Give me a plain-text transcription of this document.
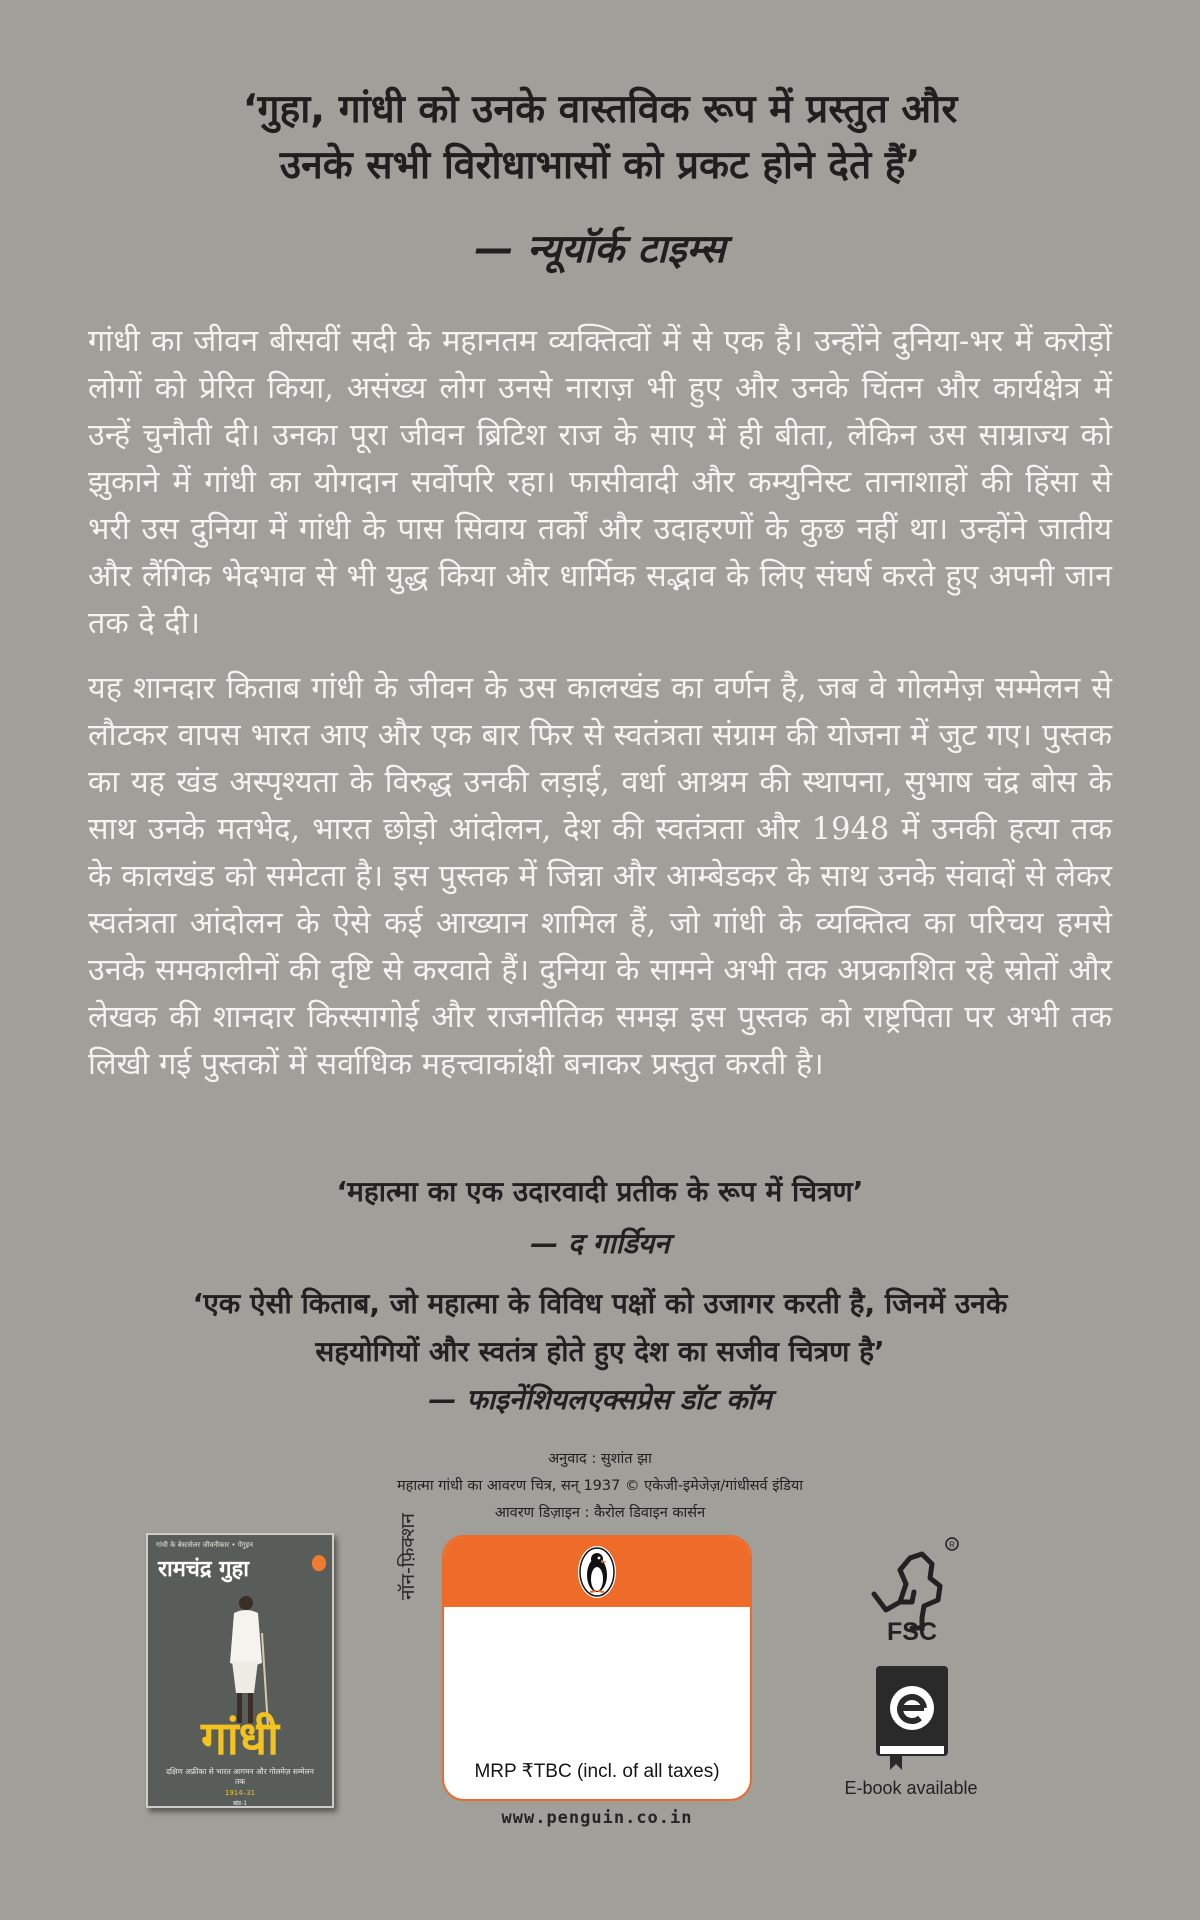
‘गुहा, गांधी को उनके वास्तविक रूप में प्रस्तुत और
उनके सभी विरोधाभासों को प्रकट होने देते हैं’
— न्यूयॉर्क टाइम्स

गांधी का जीवन बीसवीं सदी के महानतम व्यक्तित्वों में से एक है। उन्होंने दुनिया-भर में करोड़ों लोगों को प्रेरित किया, असंख्य लोग उनसे नाराज़ भी हुए और उनके चिंतन और कार्यक्षेत्र में उन्हें चुनौती दी। उनका पूरा जीवन ब्रिटिश राज के साए में ही बीता, लेकिन उस साम्राज्य को झुकाने में गांधी का योगदान सर्वोपरि रहा। फासीवादी और कम्युनिस्ट तानाशाहों की हिंसा से भरी उस दुनिया में गांधी के पास सिवाय तर्कों और उदाहरणों के कुछ नहीं था। उन्होंने जातीय और लैंगिक भेदभाव से भी युद्ध किया और धार्मिक सद्भाव के लिए संघर्ष करते हुए अपनी जान तक दे दी।

यह शानदार किताब गांधी के जीवन के उस कालखंड का वर्णन है, जब वे गोलमेज़ सम्मेलन से लौटकर वापस भारत आए और एक बार फिर से स्वतंत्रता संग्राम की योजना में जुट गए। पुस्तक का यह खंड अस्पृश्यता के विरुद्ध उनकी लड़ाई, वर्धा आश्रम की स्थापना, सुभाष चंद्र बोस के साथ उनके मतभेद, भारत छोड़ो आंदोलन, देश की स्वतंत्रता और 1948 में उनकी हत्या तक के कालखंड को समेटता है। इस पुस्तक में जिन्ना और आम्बेडकर के साथ उनके संवादों से लेकर स्वतंत्रता आंदोलन के ऐसे कई आख्यान शामिल हैं, जो गांधी के व्यक्तित्व का परिचय हमसे उनके समकालीनों की दृष्टि से करवाते हैं। दुनिया के सामने अभी तक अप्रकाशित रहे स्रोतों और लेखक की शानदार किस्सागोई और राजनीतिक समझ इस पुस्तक को राष्ट्रपिता पर अभी तक लिखी गई पुस्तकों में सर्वाधिक महत्त्वाकांक्षी बनाकर प्रस्तुत करती है।

‘महात्मा का एक उदारवादी प्रतीक के रूप में चित्रण’
— द गार्डियन
‘एक ऐसी किताब, जो महात्मा के विविध पक्षों को उजागर करती है, जिनमें उनके
सहयोगियों और स्वतंत्र होते हुए देश का सजीव चित्रण है’
— फाइनेंशियलएक्सप्रेस डॉट कॉम
अनुवाद : सुशांत झा
महात्मा गांधी का आवरण चित्र, सन् 1937 © एकेजी-इमेजेज़/गांधीसर्व इंडिया
आवरण डिज़ाइन : कैरोल डिवाइन कार्सन
गांधी के बेस्टसेलर जीवनीकार • पेंगुइन
रामचंद्र गुहा
गांधी
दक्षिण अफ्रीका से भारत आगमन और गोलमेज़ सम्मेलन तक
1914–31
खंड-1
नॉन-फ़िक्शन
MRP ₹TBC (incl. of all taxes)
www.penguin.co.in
R
FSC
E-book available
